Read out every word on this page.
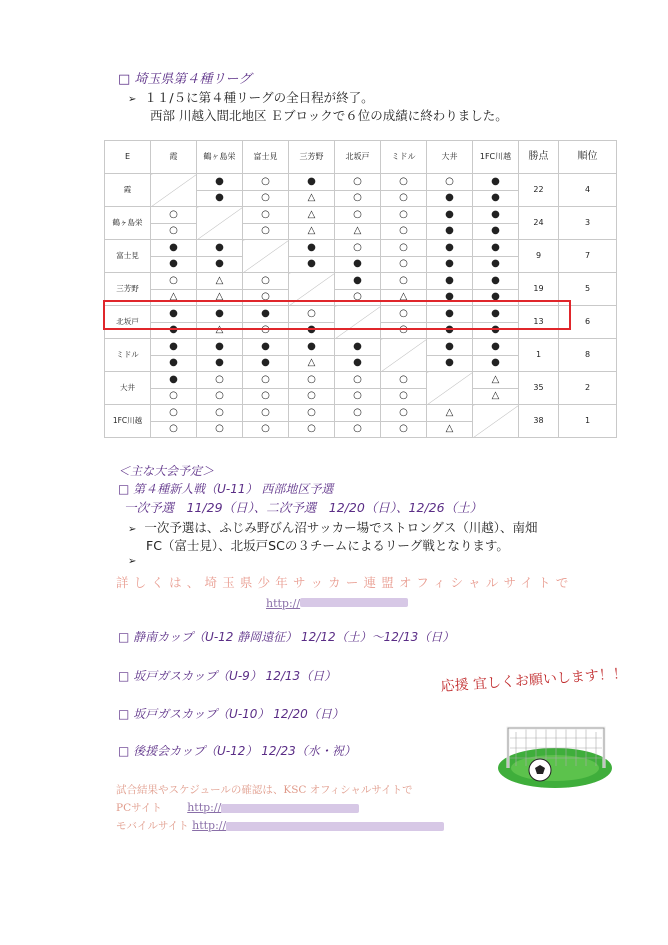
□ 埼玉県第４種リーグ
➢ １１/５に第４種リーグの全日程が終了。
西部 川越入間北地区 Ｅブロックで６位の成績に終わりました。
E	霞	鶴ヶ島栄	富士見	三芳野	北坂戸	ミドル	大井	1FC川越	勝点	順位
霞		●	○	●	○	○	○	●	22	4
		●	○	△	○	○	●	●		
鶴ヶ島栄	○		○	△	○	○	●	●	24	3
	○		○	△	△	○	●	●		
富士見	●	●		●	○	○	●	●	9	7
	●	●		●	●	○	●	●		
三芳野	○	△	○		●	○	●	●	19	5
	△	△	○		○	△	●	●		
北坂戸	●	●	●	○		○	●	●	13	6
	●	△	○	●		○	●	●		
ミドル	●	●	●	●	●		●	●	1	8
	●	●	●	△	●		●	●		
大井	●	○	○	○	○	○		△	35	2
	○	○	○	○	○	○		△		
1FC川越	○	○	○	○	○	○	△		38	1
	○	○	○	○	○	○	△			
＜主な大会予定＞
□ 第４種新人戦（U-11） 西部地区予選
一次予選　11/29（日）、二次予選　12/20（日）、12/26（土）
➢ 一次予選は、ふじみ野びん沼サッカー場でストロングス（川越）、南畑
FC（富士見）、北坂戸SCの３チームによるリーグ戦となります。
➢
詳しくは、埼玉県少年サッカー連盟オフィシャルサイトで
http://
□ 静南カップ（U-12 静岡遠征） 12/12（土）～12/13（日）
□ 坂戸ガスカップ（U-9） 12/13（日）
□ 坂戸ガスカップ（U-10） 12/20（日）
□ 後援会カップ（U-12） 12/23（水・祝）
応援 宜しくお願いします！！
試合結果やスケジュールの確認は、KSC オフィシャルサイトで
PCサイト http://
モバイルサイト http://
